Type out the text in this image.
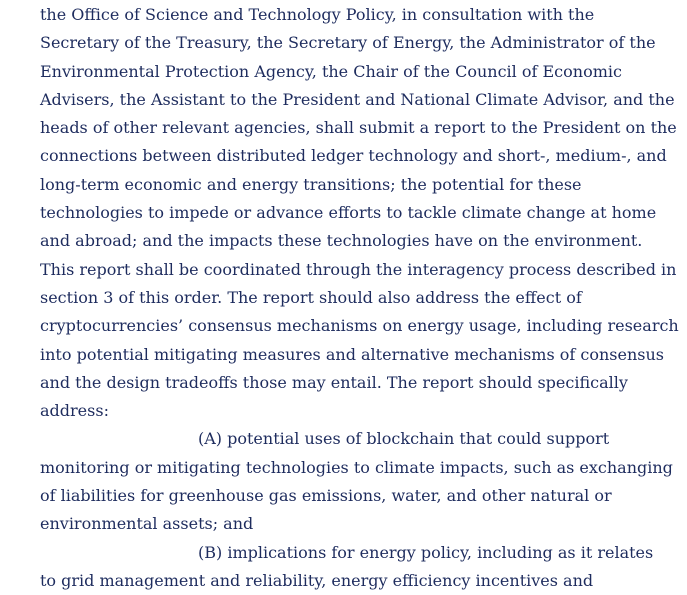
the Office of Science and Technology Policy, in consultation with the
Secretary of the Treasury, the Secretary of Energy, the Administrator of the
Environmental Protection Agency, the Chair of the Council of Economic
Advisers, the Assistant to the President and National Climate Advisor, and the
heads of other relevant agencies, shall submit a report to the President on the
connections between distributed ledger technology and short-, medium-, and
long-term economic and energy transitions; the potential for these
technologies to impede or advance efforts to tackle climate change at home
and abroad; and the impacts these technologies have on the environment.
This report shall be coordinated through the interagency process described in
section 3 of this order. The report should also address the effect of
cryptocurrencies’ consensus mechanisms on energy usage, including research
into potential mitigating measures and alternative mechanisms of consensus
and the design tradeoffs those may entail. The report should specifically
address:
(A) potential uses of blockchain that could support
monitoring or mitigating technologies to climate impacts, such as exchanging
of liabilities for greenhouse gas emissions, water, and other natural or
environmental assets; and
(B) implications for energy policy, including as it relates
to grid management and reliability, energy efficiency incentives and
